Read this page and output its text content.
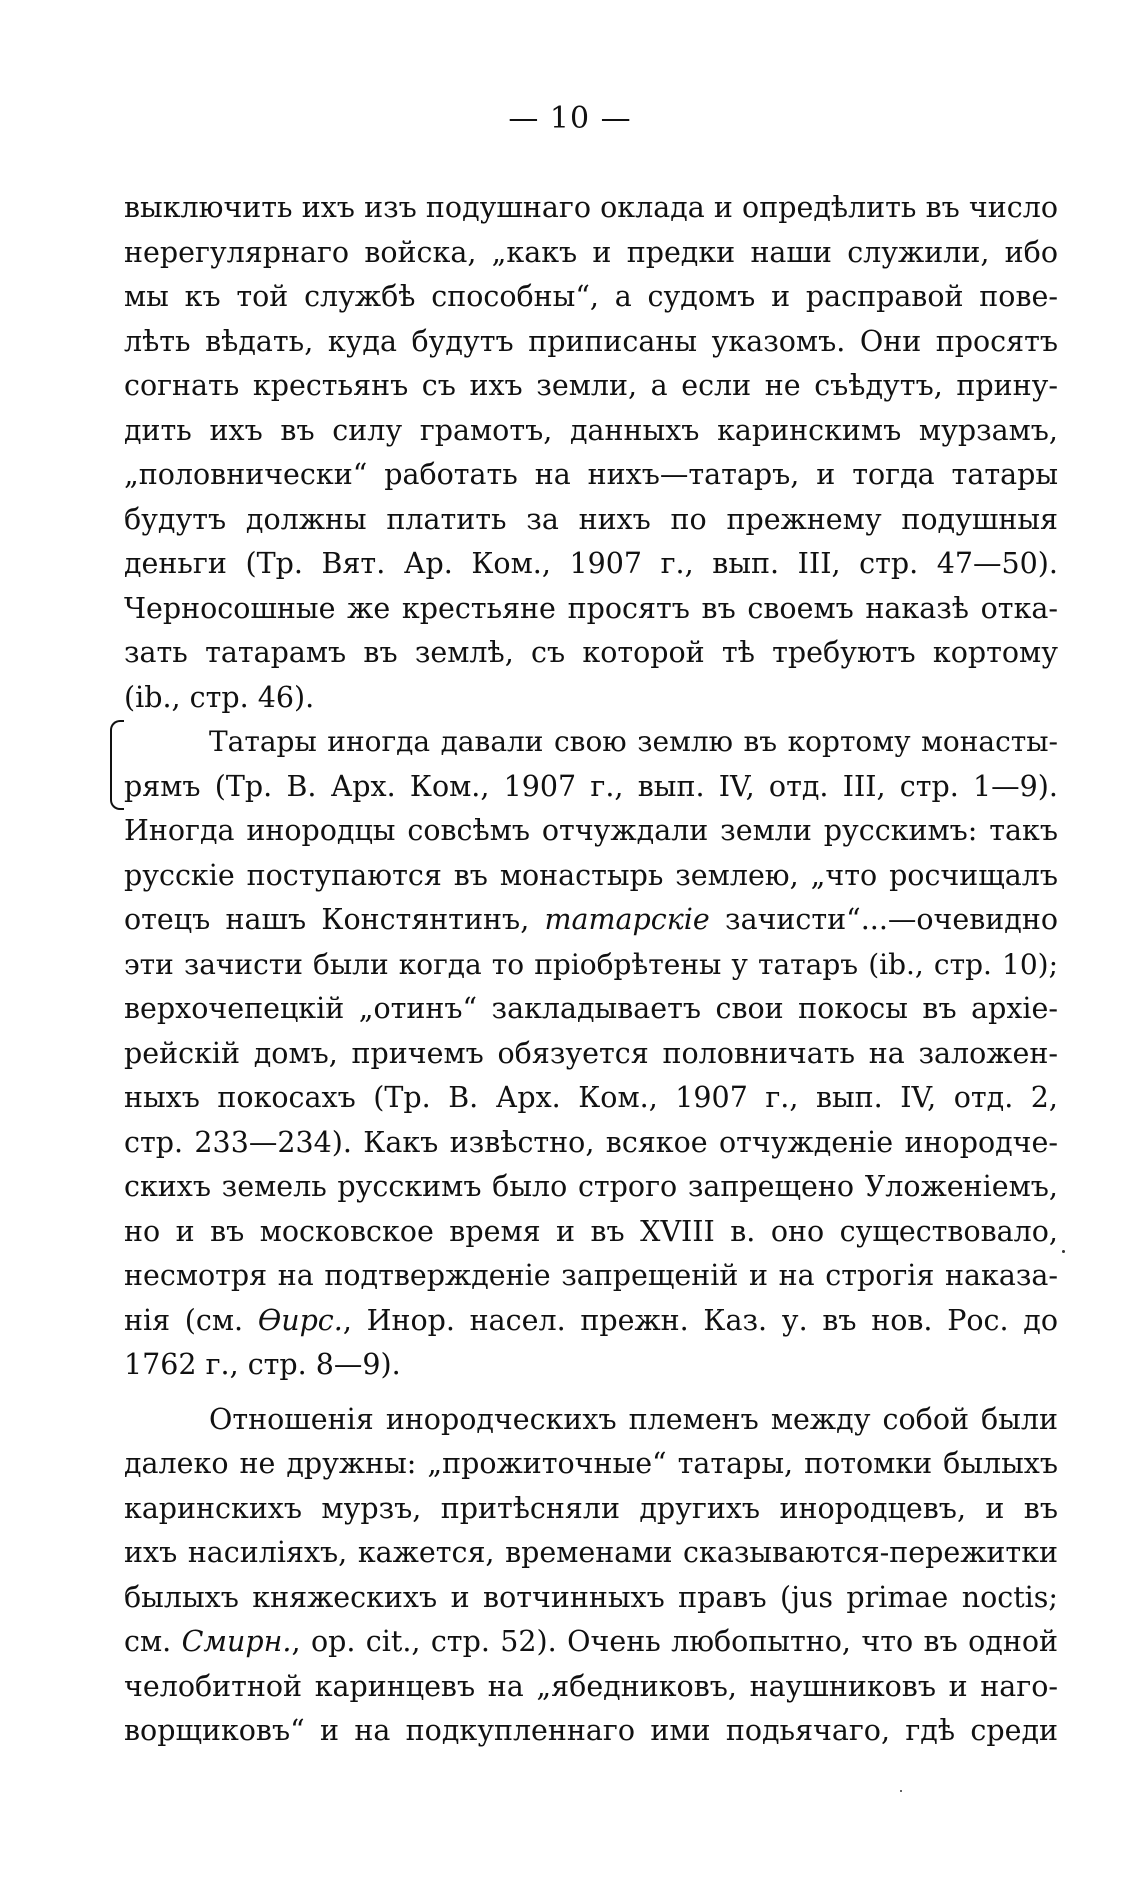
— 10 —
выключить ихъ изъ подушнаго оклада и опредѣлить въ число
нерегулярнаго войска, „какъ и предки наши служили, ибо
мы къ той службѣ способны“, а судомъ и расправой пове-
лѣть вѣдать, куда будутъ приписаны указомъ. Они просятъ
согнать крестьянъ съ ихъ земли, а если не съѣдутъ, прину-
дить ихъ въ силу грамотъ, данныхъ каринскимъ мурзамъ,
„половнически“ работать на нихъ—татаръ, и тогда татары
будутъ должны платить за нихъ по прежнему подушныя
деньги (Тр. Вят. Ар. Ком., 1907 г., вып. III, стр. 47—50).
Черносошные же крестьяне просятъ въ своемъ наказѣ отка-
зать татарамъ въ землѣ, съ которой тѣ требуютъ кортому
(ib., стр. 46).
Татары иногда давали свою землю въ кортому монасты-
рямъ (Тр. В. Арх. Ком., 1907 г., вып. IV, отд. III, стр. 1—9).
Иногда инородцы совсѣмъ отчуждали земли русскимъ: такъ
русскіе поступаются въ монастырь землею, „что росчищалъ
отецъ нашъ Констянтинъ, татарскіе зачисти“...—очевидно
эти зачисти были когда то пріобрѣтены у татаръ (ib., стр. 10);
верхочепецкій „отинъ“ закладываетъ свои покосы въ архіе-
рейскій домъ, причемъ обязуется половничать на заложен-
ныхъ покосахъ (Тр. В. Арх. Ком., 1907 г., вып. IV, отд. 2,
стр. 233—234). Какъ извѣстно, всякое отчужденіе инородче-
скихъ земель русскимъ было строго запрещено Уложеніемъ,
но и въ московское время и въ XVIII в. оно существовало,
несмотря на подтвержденіе запрещеній и на строгія наказа-
нія (см. Өирс., Инор. насел. прежн. Каз. у. въ нов. Рос. до
1762 г., стр. 8—9).
Отношенія инородческихъ племенъ между собой были
далеко не дружны: „прожиточные“ татары, потомки былыхъ
каринскихъ мурзъ, притѣсняли другихъ инородцевъ, и въ
ихъ насиліяхъ, кажется, временами сказываются-пережитки
былыхъ княжескихъ и вотчинныхъ правъ (jus primae noctis;
см. Смирн., op. cit., стр. 52). Очень любопытно, что въ одной
челобитной каринцевъ на „ябедниковъ, наушниковъ и наго-
ворщиковъ“ и на подкупленнаго ими подьячаго, гдѣ среди
